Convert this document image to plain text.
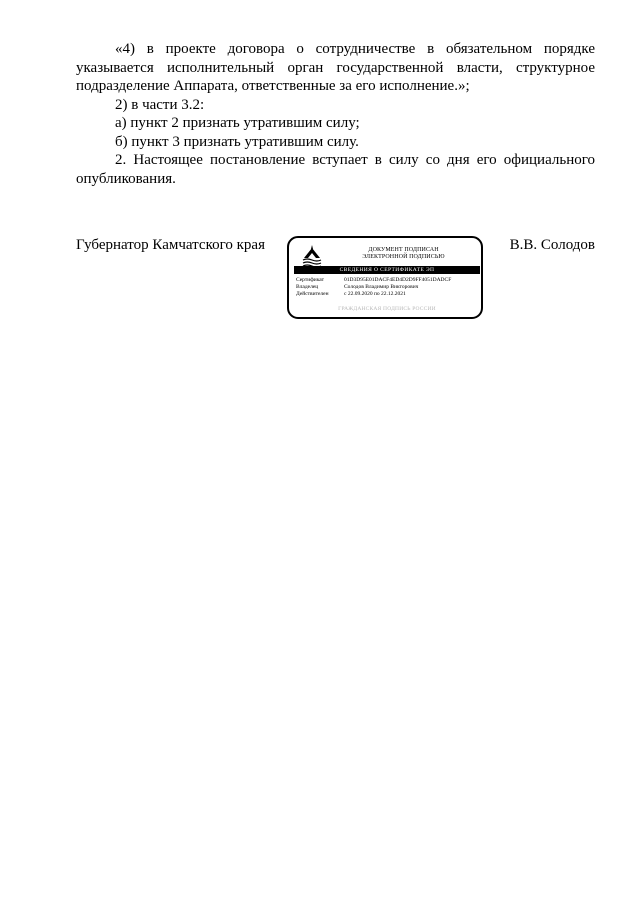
«4) в проекте договора о сотрудничестве в обязательном порядке указывается исполнительный орган государственной власти, структурное подразделение Аппарата, ответственные за его исполнение.»;

2) в части 3.2:

а) пункт 2 признать утратившим силу;

б) пункт 3 признать утратившим силу.

2. Настоящее постановление вступает в силу со дня его официального опубликования.

Губернатор Камчатского края	ДОКУМЕНТ ПОДПИСАН
ЭЛЕКТРОННОЙ ПОДПИСЬЮ
СВЕДЕНИЯ О СЕРТИФИКАТЕ ЭП
Сертификат	01D3D95E01DACF4ED4D2D9FF4051DADCF
Владелец	Солодов Владимир Викторович
Действителен	с 22.09.2020 по 22.12.2021
ГРАЖДАНСКАЯ ПОДПИСЬ РОССИИ
В.В. Солодов
